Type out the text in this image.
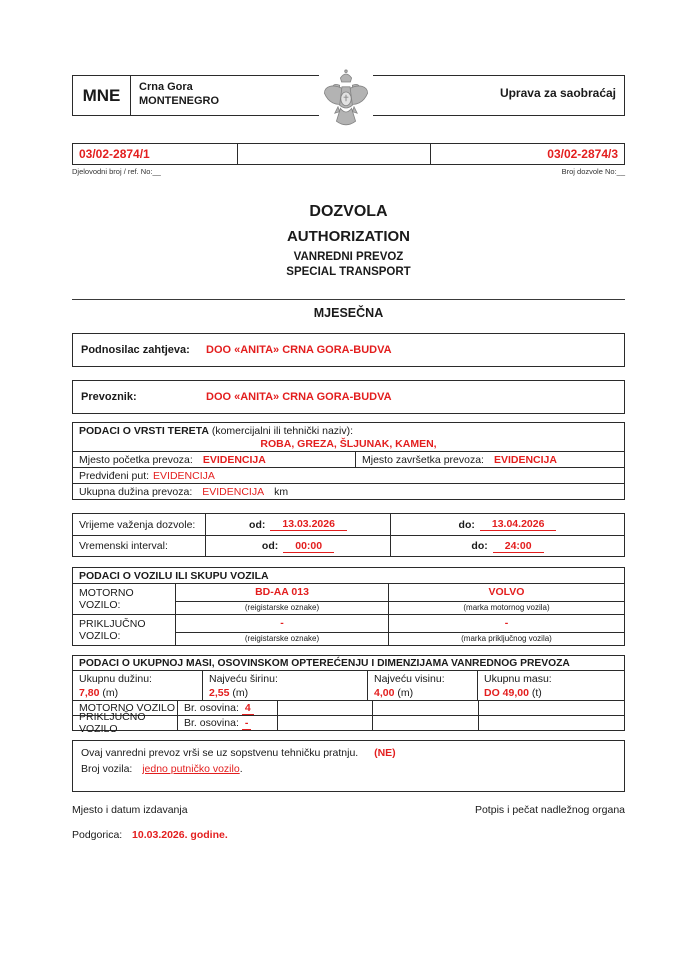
MNE	Crna Gora
MONTENEGRO
Uprava za saobraćaj
03/02-2874/1	03/02-2874/3
Djelovodni broj / ref. No:__	Broj dozvole No:__
DOZVOLA
AUTHORIZATION
VANREDNI PREVOZ
SPECIAL TRANSPORT
MJESEČNA
Podnosilac zahtjeva:	DOO «ANITA» CRNA GORA-BUDVA
Prevoznik:	DOO «ANITA» CRNA GORA-BUDVA
PODACI O VRSTI TERETA (komercijalni ili tehnički naziv):
ROBA, GREZA, ŠLJUNAK, KAMEN,
Mjesto početka prevoza: EVIDENCIJA	Mjesto završetka prevoza: EVIDENCIJA
Predviđeni put: EVIDENCIJA
Ukupna dužina prevoza: EVIDENCIJA km
Vrijeme važenja dozvole:	od:	13.03.2026	do:	13.04.2026
Vremenski interval:	od:	00:00	do:	24:00
PODACI O VOZILU ILI SKUPU VOZILA
MOTORNO VOZILO:
BD-AA 013	VOLVO
(reigistarske oznake)	(marka motornog vozila)
PRIKLJUČNO VOZILO:
-	-
(reigistarske oznake)	(marka priključnog vozila)
PODACI O UKUPNOJ MASI, OSOVINSKOM OPTEREĆENJU I DIMENZIJAMA VANREDNOG PREVOZA
Ukupnu dužinu:
7,80 (m)
Najveću širinu:
2,55 (m)
Najveću visinu:
4,00 (m)
Ukupnu masu:
DO 49,00 (t)
MOTORNO VOZILO Br. osovina: 4
PRIKLJUČNO VOZILO	Br. osovina: -
Ovaj vanredni prevoz vrši se uz sopstvenu tehničku pratnju. (NE)
Broj vozila: jedno putničko vozilo.
Mjesto i datum izdavanja	Potpis i pečat nadležnog organa
Podgorica: 10.03.2026. godine.
